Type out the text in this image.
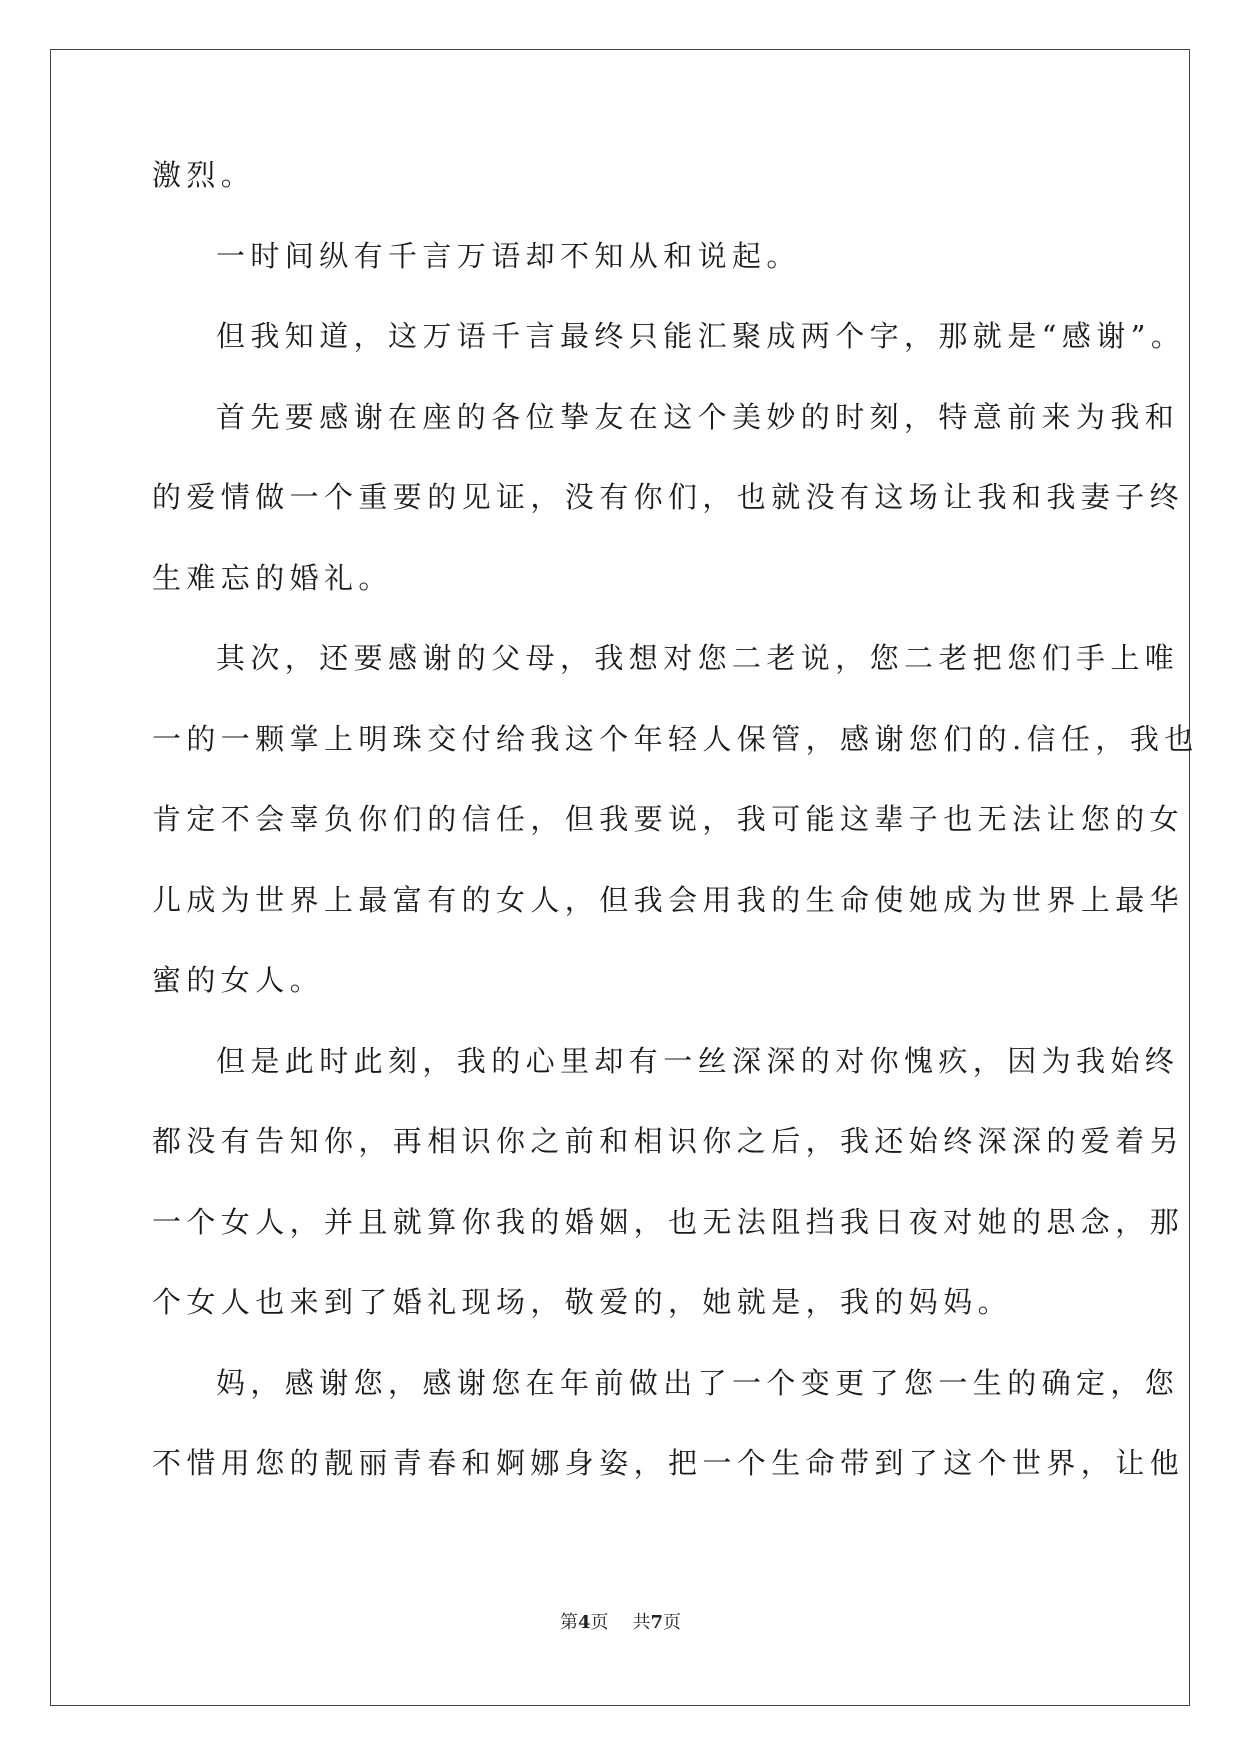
激烈。
一时间纵有千言万语却不知从和说起。
但我知道，这万语千言最终只能汇聚成两个字，那就是“感谢”。
首先要感谢在座的各位挚友在这个美妙的时刻，特意前来为我和
的爱情做一个重要的见证，没有你们，也就没有这场让我和我妻子终
生难忘的婚礼。
其次，还要感谢的父母，我想对您二老说，您二老把您们手上唯
一的一颗掌上明珠交付给我这个年轻人保管，感谢您们的.信任，我也
肯定不会辜负你们的信任，但我要说，我可能这辈子也无法让您的女
儿成为世界上最富有的女人，但我会用我的生命使她成为世界上最华
蜜的女人。
但是此时此刻，我的心里却有一丝深深的对你愧疚，因为我始终
都没有告知你，再相识你之前和相识你之后，我还始终深深的爱着另
一个女人，并且就算你我的婚姻，也无法阻挡我日夜对她的思念，那
个女人也来到了婚礼现场，敬爱的，她就是，我的妈妈。
妈，感谢您，感谢您在年前做出了一个变更了您一生的确定，您
不惜用您的靓丽青春和婀娜身姿，把一个生命带到了这个世界，让他
第4页 共7页
